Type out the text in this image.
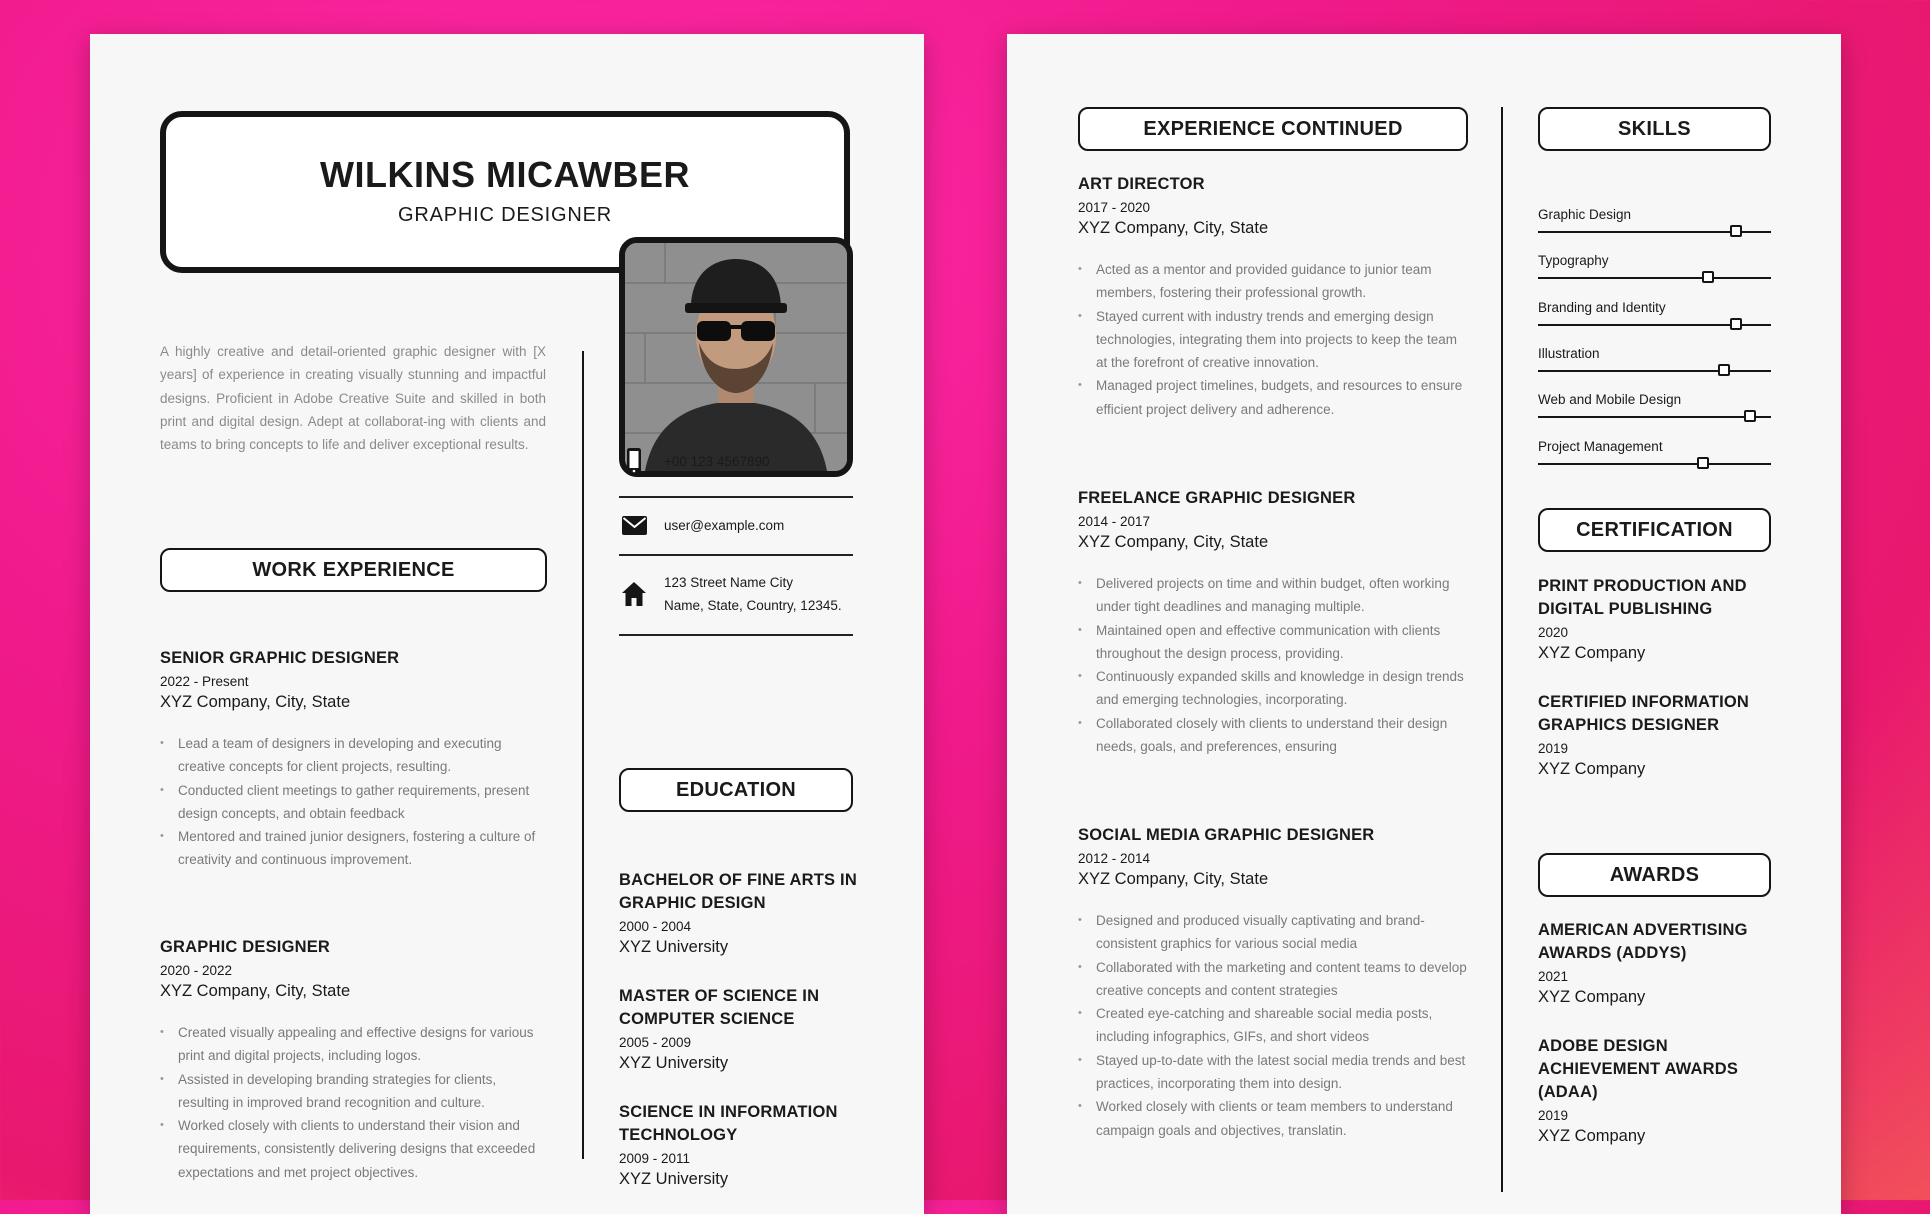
WILKINS MICAWBER
GRAPHIC DESIGNER
A highly creative and detail-oriented graphic designer with [X years] of experience in creating visually stunning and impactful designs. Proficient in Adobe Creative Suite and skilled in both print and digital design. Adept at collaborat-ing with clients and teams to bring concepts to life and deliver exceptional results.
+00 123 4567890
user@example.com
123 Street Name City
Name, State, Country, 12345.
WORK EXPERIENCE
SENIOR GRAPHIC DESIGNER
2022 - Present
XYZ Company, City, State
• Lead a team of designers in developing and executing creative concepts for client projects, resulting.
• Conducted client meetings to gather requirements, present design concepts, and obtain feedback
• Mentored and trained junior designers, fostering a culture of creativity and continuous improvement.
GRAPHIC DESIGNER
2020 - 2022
XYZ Company, City, State
• Created visually appealing and effective designs for various print and digital projects, including logos.
• Assisted in developing branding strategies for clients, resulting in improved brand recognition and culture.
• Worked closely with clients to understand their vision and requirements, consistently delivering designs that exceeded expectations and met project objectives.
EDUCATION
BACHELOR OF FINE ARTS IN GRAPHIC DESIGN
2000 - 2004
XYZ University
MASTER OF SCIENCE IN COMPUTER SCIENCE
2005 - 2009
XYZ University
SCIENCE IN INFORMATION TECHNOLOGY
2009 - 2011
XYZ University
EXPERIENCE CONTINUED
ART DIRECTOR
2017 - 2020
XYZ Company, City, State
• Acted as a mentor and provided guidance to junior team members, fostering their professional growth.
• Stayed current with industry trends and emerging design technologies, integrating them into projects to keep the team at the forefront of creative innovation.
• Managed project timelines, budgets, and resources to ensure efficient project delivery and adherence.
FREELANCE GRAPHIC DESIGNER
2014 - 2017
XYZ Company, City, State
• Delivered projects on time and within budget, often working under tight deadlines and managing multiple.
• Maintained open and effective communication with clients throughout the design process, providing.
• Continuously expanded skills and knowledge in design trends and emerging technologies, incorporating.
• Collaborated closely with clients to understand their design needs, goals, and preferences, ensuring
SOCIAL MEDIA GRAPHIC DESIGNER
2012 - 2014
XYZ Company, City, State
• Designed and produced visually captivating and brand-consistent graphics for various social media
• Collaborated with the marketing and content teams to develop creative concepts and content strategies
• Created eye-catching and shareable social media posts, including infographics, GIFs, and short videos
• Stayed up-to-date with the latest social media trends and best practices, incorporating them into design.
• Worked closely with clients or team members to understand campaign goals and objectives, translatin.
SKILLS
Graphic Design
Typography
Branding and Identity
Illustration
Web and Mobile Design
Project Management
CERTIFICATION
PRINT PRODUCTION AND DIGITAL PUBLISHING
2020
XYZ Company
CERTIFIED INFORMATION GRAPHICS DESIGNER
2019
XYZ Company
AWARDS
AMERICAN ADVERTISING AWARDS (ADDYS)
2021
XYZ Company
ADOBE DESIGN ACHIEVEMENT AWARDS (ADAA)
2019
XYZ Company
